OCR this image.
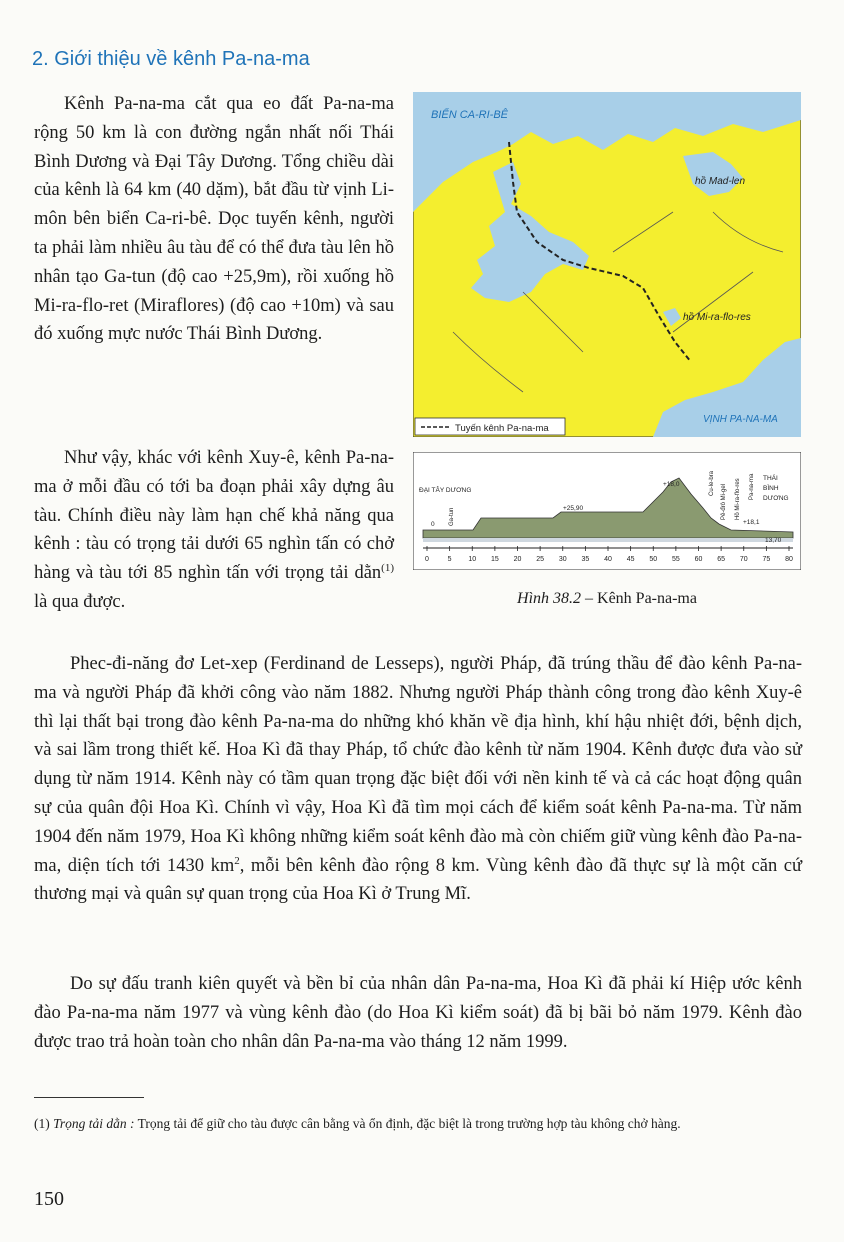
2. Giới thiệu về kênh Pa-na-ma

Kênh Pa-na-ma cắt qua eo đất Pa-na-ma rộng 50 km là con đường ngắn nhất nối Thái Bình Dương và Đại Tây Dương. Tổng chiều dài của kênh là 64 km (40 dặm), bắt đầu từ vịnh Li-môn bên biển Ca-ri-bê. Dọc tuyến kênh, người ta phải làm nhiều âu tàu để có thể đưa tàu lên hồ nhân tạo Ga-tun (độ cao +25,9m), rồi xuống hồ Mi-ra-flo-ret (Miraflores) (độ cao +10m) và sau đó xuống mực nước Thái Bình Dương.

BIỂN CA-RI-BÊ
hồ Mad-len
hồ Mi-ra-flo-res
VỊNH PA-NA-MA
Tuyến kênh Pa-na-ma
0	5 10 15 20 25 30 35 40 45 50 55 60 65 70 75 80
ĐẠI TÂY DƯƠNG
THÁI
BÌNH
DƯƠNG
Ga-tun
Cu-le-bra
Pê-đrô Mi-gel Hồ Mi-ra-flo-res Pa-na-ma
0
+25,90
+18,0
+18,1
13,70
Hình 38.2 – Kênh Pa-na-ma

Như vậy, khác với kênh Xuy-ê, kênh Pa-na-ma ở mỗi đầu có tới ba đoạn phải xây dựng âu tàu. Chính điều này làm hạn chế khả năng qua kênh : tàu có trọng tải dưới 65 nghìn tấn có chở hàng và tàu tới 85 nghìn tấn với trọng tải dằn$^{(1)}$ là qua được.

Phec-đi-năng đơ Let-xep (Ferdinand de Lesseps), người Pháp, đã trúng thầu để đào kênh Pa-na-ma và người Pháp đã khởi công vào năm 1882. Nhưng người Pháp thành công trong đào kênh Xuy-ê thì lại thất bại trong đào kênh Pa-na-ma do những khó khăn về địa hình, khí hậu nhiệt đới, bệnh dịch, và sai lầm trong thiết kế. Hoa Kì đã thay Pháp, tổ chức đào kênh từ năm 1904. Kênh được đưa vào sử dụng từ năm 1914. Kênh này có tầm quan trọng đặc biệt đối với nền kinh tế và cả các hoạt động quân sự của quân đội Hoa Kì. Chính vì vậy, Hoa Kì đã tìm mọi cách để kiểm soát kênh Pa-na-ma. Từ năm 1904 đến năm 1979, Hoa Kì không những kiểm soát kênh đào mà còn chiếm giữ vùng kênh đào Pa-na-ma, diện tích tới 1430 $km^2$, mỗi bên kênh đào rộng 8 km. Vùng kênh đào đã thực sự là một căn cứ thương mại và quân sự quan trọng của Hoa Kì ở Trung Mĩ.

Do sự đấu tranh kiên quyết và bền bỉ của nhân dân Pa-na-ma, Hoa Kì đã phải kí Hiệp ước kênh đào Pa-na-ma năm 1977 và vùng kênh đào (do Hoa Kì kiểm soát) đã bị bãi bỏ năm 1979. Kênh đào được trao trả hoàn toàn cho nhân dân Pa-na-ma vào tháng 12 năm 1999.

(1) Trọng tải dằn : Trọng tải để giữ cho tàu được cân bằng và ổn định, đặc biệt là trong trường hợp tàu không chở hàng.

150
